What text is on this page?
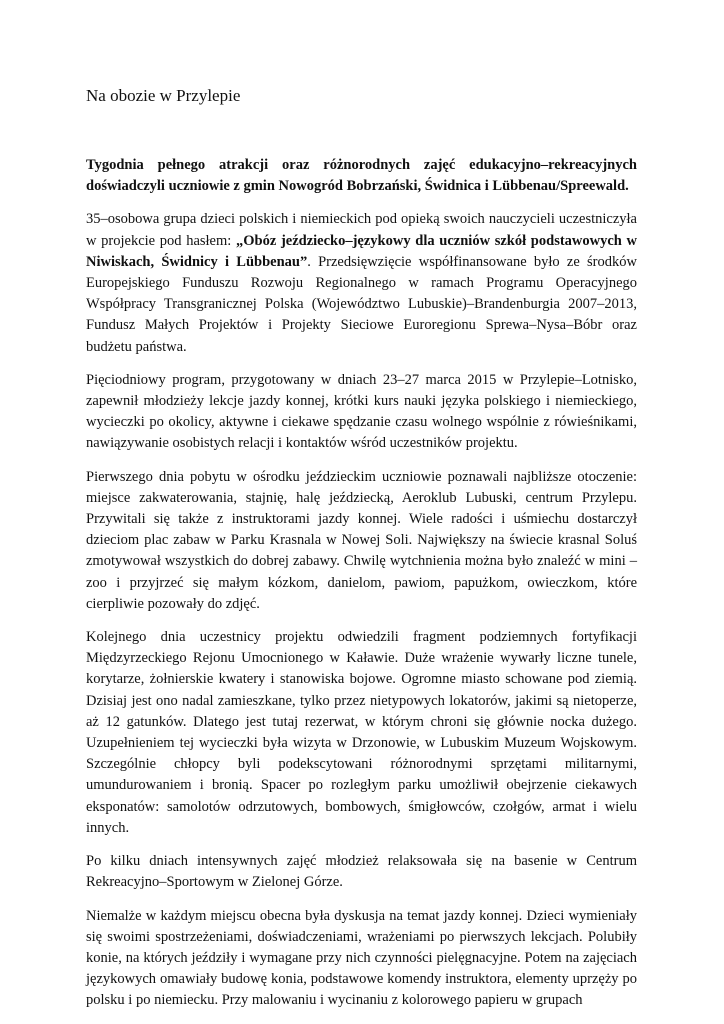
Na obozie w Przylepie

Tygodnia pełnego atrakcji oraz różnorodnych zajęć edukacyjno–rekreacyjnych doświadczyli uczniowie z gmin Nowogród Bobrzański, Świdnica i Lübbenau/Spreewald.

35–osobowa grupa dzieci polskich i niemieckich pod opieką swoich nauczycieli uczestniczyła w projekcie pod hasłem: „Obóz jeździecko–językowy dla uczniów szkół podstawowych w Niwiskach, Świdnicy i Lübbenau”. Przedsięwzięcie współfinansowane było ze środków Europejskiego Funduszu Rozwoju Regionalnego w ramach Programu Operacyjnego Współpracy Transgranicznej Polska (Województwo Lubuskie)–Brandenburgia 2007–2013, Fundusz Małych Projektów i Projekty Sieciowe Euroregionu Sprewa–Nysa–Bóbr oraz budżetu państwa.

Pięciodniowy program, przygotowany w dniach 23–27 marca 2015 w Przylepie–Lotnisko, zapewnił młodzieży lekcje jazdy konnej, krótki kurs nauki języka polskiego i niemieckiego, wycieczki po okolicy, aktywne i ciekawe spędzanie czasu wolnego wspólnie z rówieśnikami, nawiązywanie osobistych relacji i kontaktów wśród uczestników projektu.

Pierwszego dnia pobytu w ośrodku jeździeckim uczniowie poznawali najbliższe otoczenie: miejsce zakwaterowania, stajnię, halę jeździecką, Aeroklub Lubuski, centrum Przylepu. Przywitali się także z instruktorami jazdy konnej. Wiele radości i uśmiechu dostarczył dzieciom plac zabaw w Parku Krasnala w Nowej Soli. Największy na świecie krasnal Soluś zmotywował wszystkich do dobrej zabawy. Chwilę wytchnienia można było znaleźć w mini – zoo i przyjrzeć się małym kózkom, danielom, pawiom, papużkom, owieczkom, które cierpliwie pozowały do zdjęć.

Kolejnego dnia uczestnicy projektu odwiedzili fragment podziemnych fortyfikacji Międzyrzeckiego Rejonu Umocnionego w Kaławie. Duże wrażenie wywarły liczne tunele, korytarze, żołnierskie kwatery i stanowiska bojowe. Ogromne miasto schowane pod ziemią. Dzisiaj jest ono nadal zamieszkane, tylko przez nietypowych lokatorów, jakimi są nietoperze, aż 12 gatunków. Dlatego jest tutaj rezerwat, w którym chroni się głównie nocka dużego. Uzupełnieniem tej wycieczki była wizyta w Drzonowie, w Lubuskim Muzeum Wojskowym. Szczególnie chłopcy byli podekscytowani różnorodnymi sprzętami militarnymi, umundurowaniem i bronią. Spacer po rozległym parku umożliwił obejrzenie ciekawych eksponatów: samolotów odrzutowych, bombowych, śmigłowców, czołgów, armat i wielu innych.

Po kilku dniach intensywnych zajęć młodzież relaksowała się na basenie w Centrum Rekreacyjno–Sportowym w Zielonej Górze.

Niemalże w każdym miejscu obecna była dyskusja na temat jazdy konnej. Dzieci wymieniały się swoimi spostrzeżeniami, doświadczeniami, wrażeniami po pierwszych lekcjach. Polubiły konie, na których jeździły i wymagane przy nich czynności pielęgnacyjne. Potem na zajęciach językowych omawiały budowę konia, podstawowe komendy instruktora, elementy uprzęży po polsku i po niemiecku. Przy malowaniu i wycinaniu z kolorowego papieru w grupach
